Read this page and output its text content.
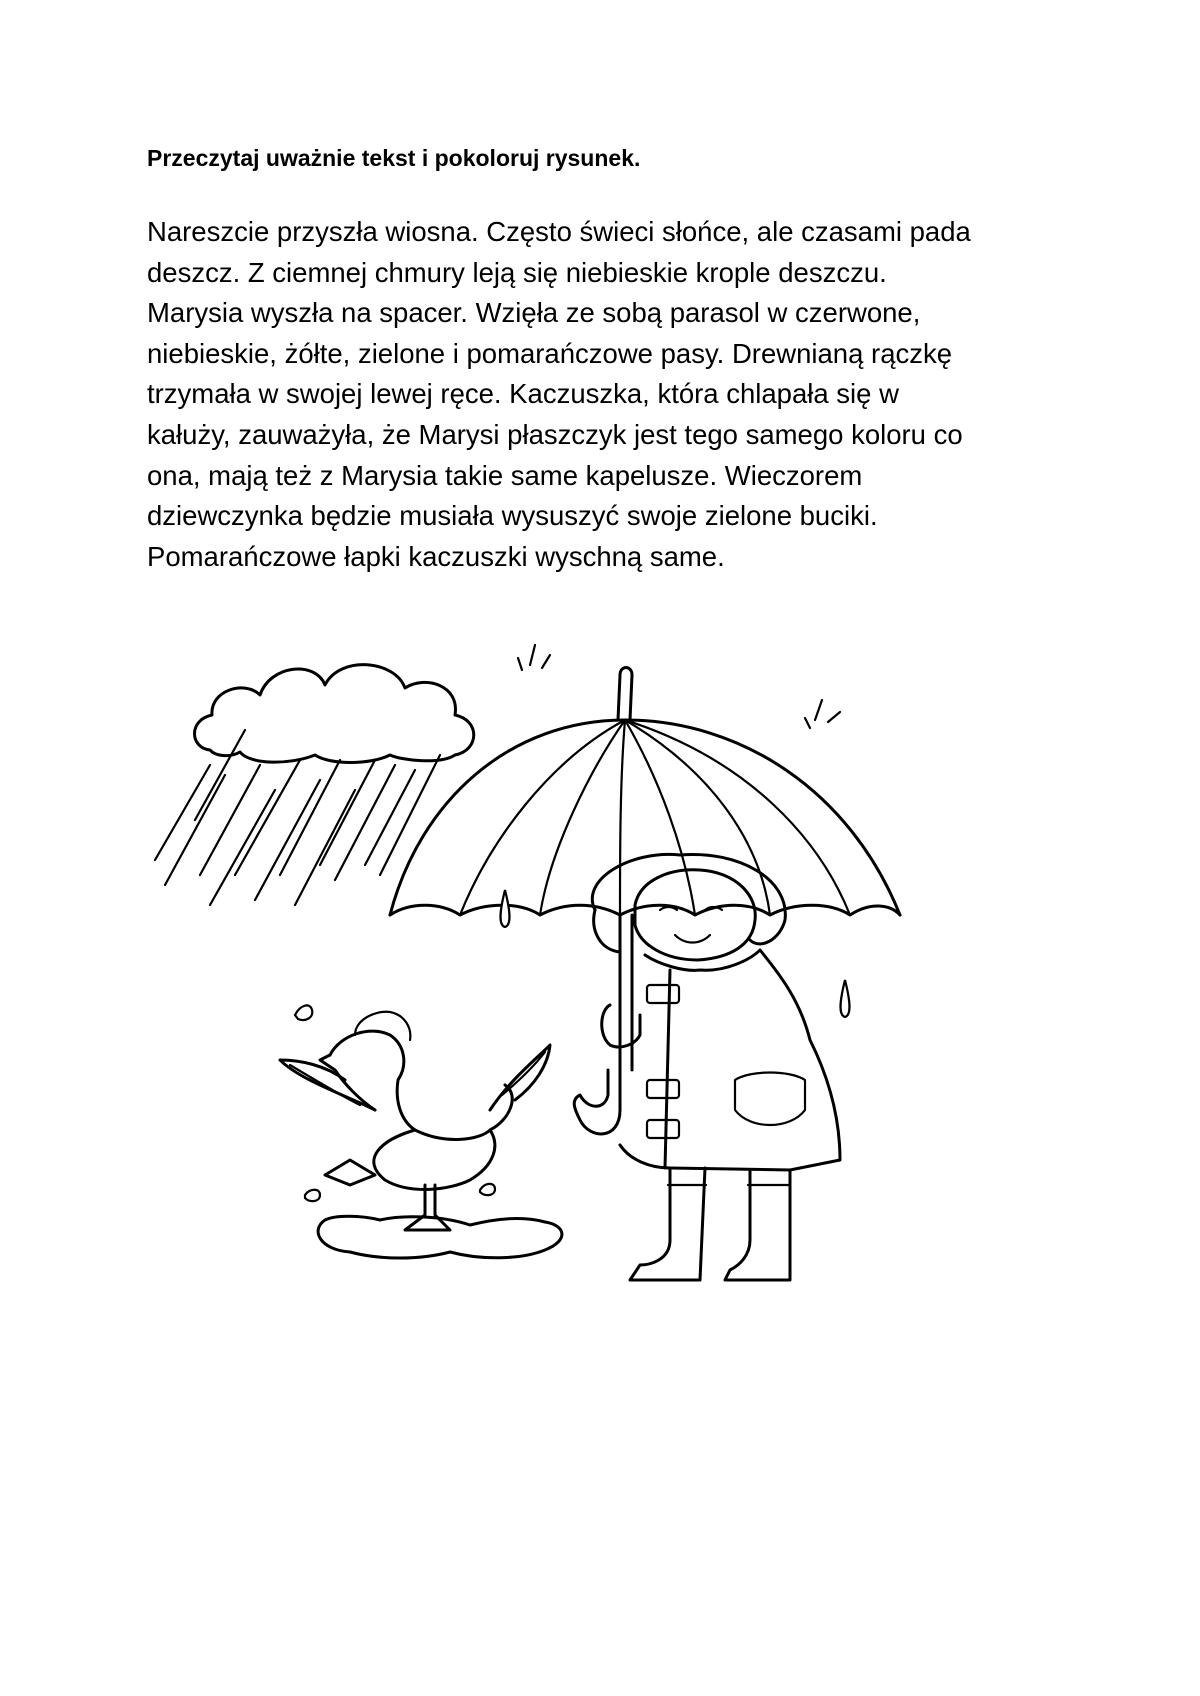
Przeczytaj uważnie tekst i pokoloruj rysunek.
Nareszcie przyszła wiosna. Często świeci słońce, ale czasami pada
deszcz. Z ciemnej chmury leją się niebieskie krople deszczu.
Marysia wyszła na spacer. Wzięła ze sobą parasol w czerwone,
niebieskie, żółte, zielone i pomarańczowe pasy. Drewnianą rączkę
trzymała w swojej lewej ręce. Kaczuszka, która chlapała się w
kałuży, zauważyła, że Marysi płaszczyk jest tego samego koloru co
ona, mają też z Marysia takie same kapelusze. Wieczorem
dziewczynka będzie musiała wysuszyć swoje zielone buciki.
Pomarańczowe łapki kaczuszki wyschną same.
